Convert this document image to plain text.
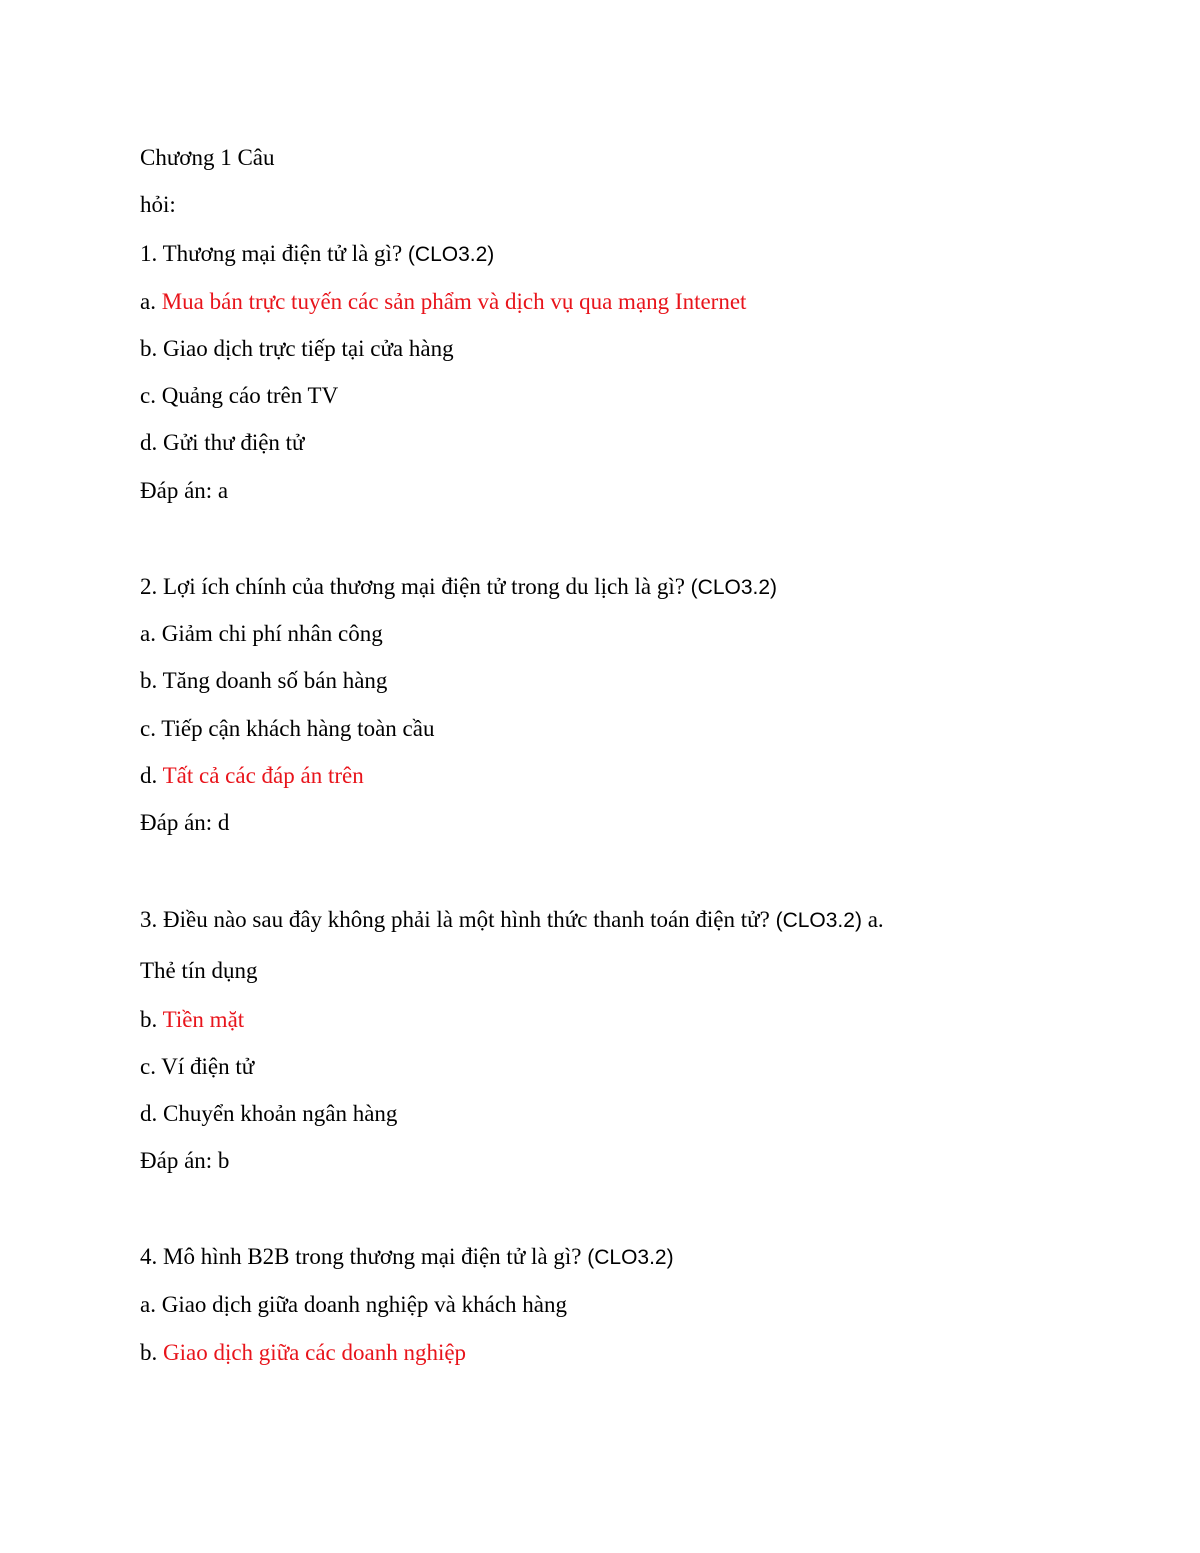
Chương 1 Câu
hỏi:
1. Thương mại điện tử là gì? (CLO3.2)
a. Mua bán trực tuyến các sản phẩm và dịch vụ qua mạng Internet
b. Giao dịch trực tiếp tại cửa hàng
c. Quảng cáo trên TV
d. Gửi thư điện tử
Đáp án: a
2. Lợi ích chính của thương mại điện tử trong du lịch là gì? (CLO3.2)
a. Giảm chi phí nhân công
b. Tăng doanh số bán hàng
c. Tiếp cận khách hàng toàn cầu
d. Tất cả các đáp án trên
Đáp án: d
3. Điều nào sau đây không phải là một hình thức thanh toán điện tử? (CLO3.2) a.
Thẻ tín dụng
b. Tiền mặt
c. Ví điện tử
d. Chuyển khoản ngân hàng
Đáp án: b
4. Mô hình B2B trong thương mại điện tử là gì? (CLO3.2)
a. Giao dịch giữa doanh nghiệp và khách hàng
b. Giao dịch giữa các doanh nghiệp
